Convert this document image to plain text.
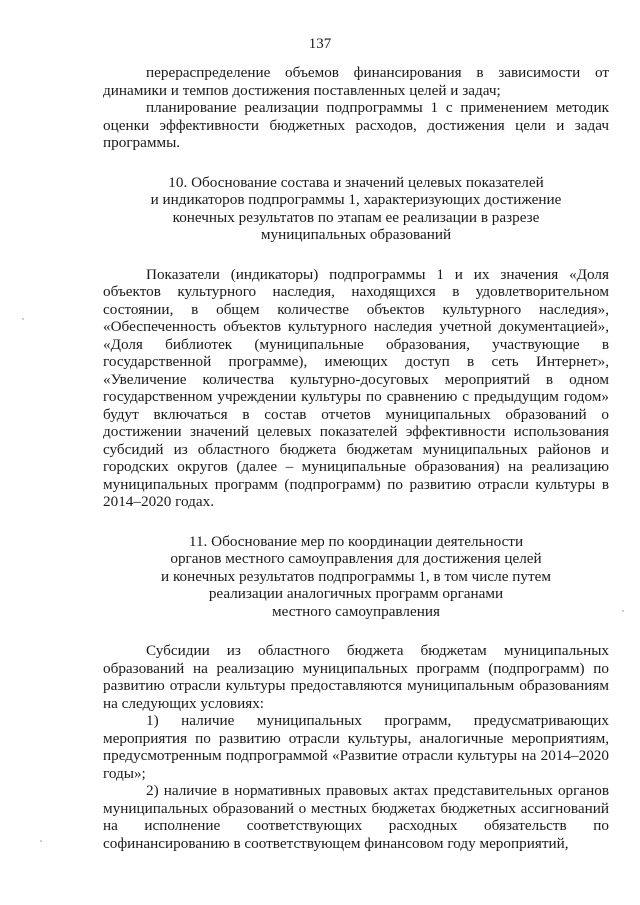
137

перераспределение объемов финансирования в зависимости от динамики и темпов достижения поставленных целей и задач;

планирование реализации подпрограммы 1 с применением методик оценки эффективности бюджетных расходов, достижения цели и задач программы.

10. Обоснование состава и значений целевых показателей

и индикаторов подпрограммы 1, характеризующих достижение

конечных результатов по этапам ее реализации в разрезе

муниципальных образований

Показатели (индикаторы) подпрограммы 1 и их значения «Доля объектов культурного наследия, находящихся в удовлетворительном состоянии, в общем количестве объектов культурного наследия», «Обеспеченность объектов культурного наследия учетной документацией», «Доля библиотек (муниципальные образования, участвующие в государственной программе), имеющих доступ в сеть Интернет», «Увеличение количества культурно-досуговых мероприятий в одном государственном учреждении культуры по сравнению с предыдущим годом» будут включаться в состав отчетов муниципальных образований о достижении значений целевых показателей эффективности использования субсидий из областного бюджета бюджетам муниципальных районов и городских округов (далее – муниципальные образования) на реализацию муниципальных программ (подпрограмм) по развитию отрасли культуры в 2014–2020 годах.

11. Обоснование мер по координации деятельности

органов местного самоуправления для достижения целей

и конечных результатов подпрограммы 1, в том числе путем

реализации аналогичных программ органами

местного самоуправления

Субсидии из областного бюджета бюджетам муниципальных образований на реализацию муниципальных программ (подпрограмм) по развитию отрасли культуры предоставляются муниципальным образованиям на следующих условиях:

1) наличие муниципальных программ, предусматривающих мероприятия по развитию отрасли культуры, аналогичные мероприятиям, предусмотренным подпрограммой «Развитие отрасли культуры на 2014–2020 годы»;

2) наличие в нормативных правовых актах представительных органов муниципальных образований о местных бюджетах бюджетных ассигнований на исполнение соответствующих расходных обязательств по софинансированию в соответствующем финансовом году мероприятий,
